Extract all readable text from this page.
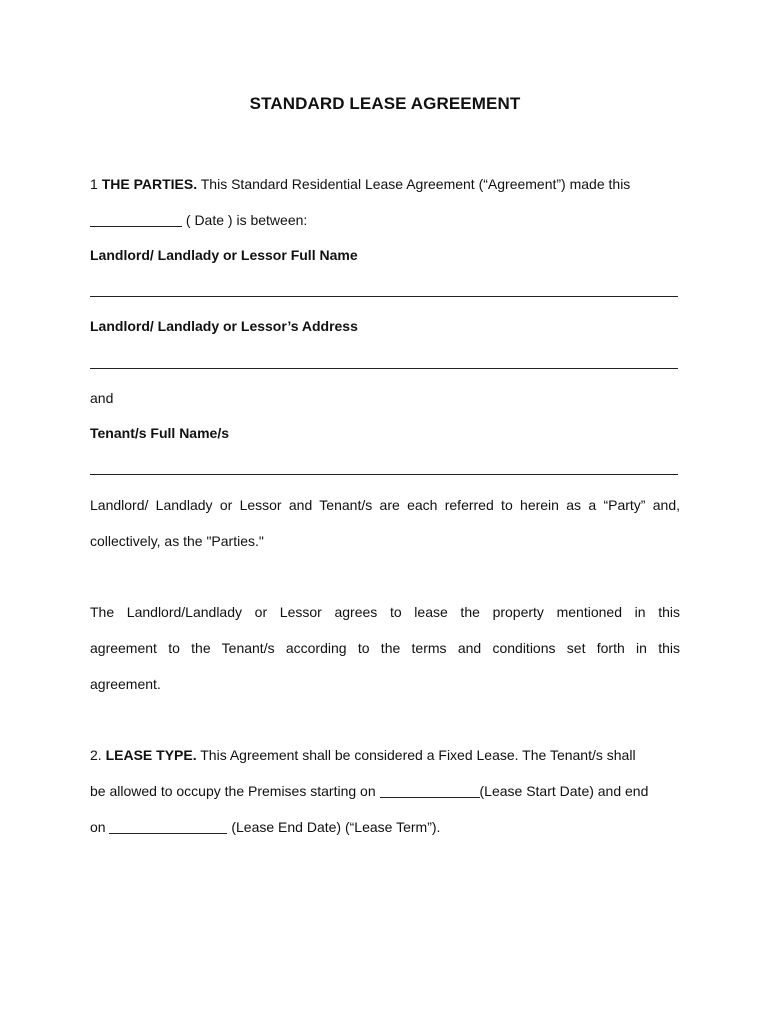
STANDARD LEASE AGREEMENT
1 THE PARTIES. This Standard Residential Lease Agreement (“Agreement”) made this
( Date ) is between:
Landlord/ Landlady or Lessor Full Name
Landlord/ Landlady or Lessor’s Address
and
Tenant/s Full Name/s
Landlord/ Landlady or Lessor and Tenant/s are each referred to herein as a “Party” and,
collectively, as the "Parties."
The Landlord/Landlady or Lessor agrees to lease the property mentioned in this
agreement to the Tenant/s according to the terms and conditions set forth in this
agreement.
2. LEASE TYPE. This Agreement shall be considered a Fixed Lease. The Tenant/s shall
be allowed to occupy the Premises starting on	(Lease Start Date) and end
on	(Lease End Date) (“Lease Term”).
